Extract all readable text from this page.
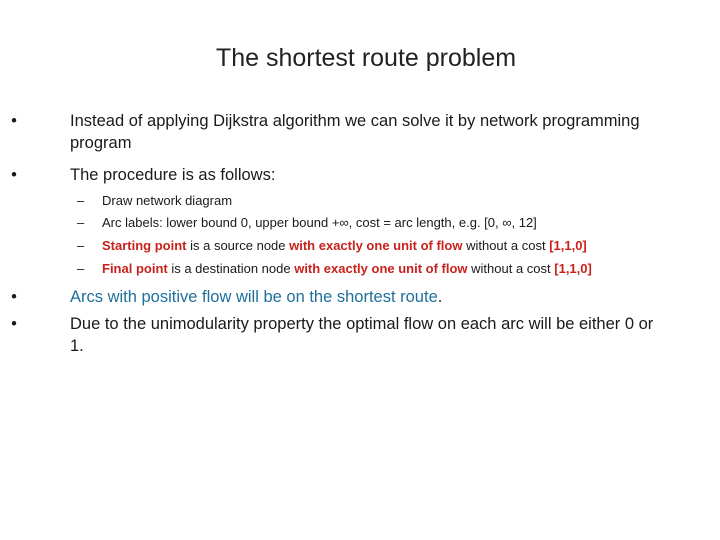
The shortest route problem
•	Instead of applying Dijkstra algorithm we can solve it by network programming program
•	The procedure is as follows:
– Draw network diagram
– Arc labels: lower bound 0, upper bound +∞, cost = arc length, e.g. [0, ∞, 12]
– Starting point is a source node with exactly one unit of flow without a cost [1,1,0]
– Final point is a destination node with exactly one unit of flow without a cost [1,1,0]
•	Arcs with positive flow will be on the shortest route.
•	Due to the unimodularity property the optimal flow on each arc will be either 0 or 1.
